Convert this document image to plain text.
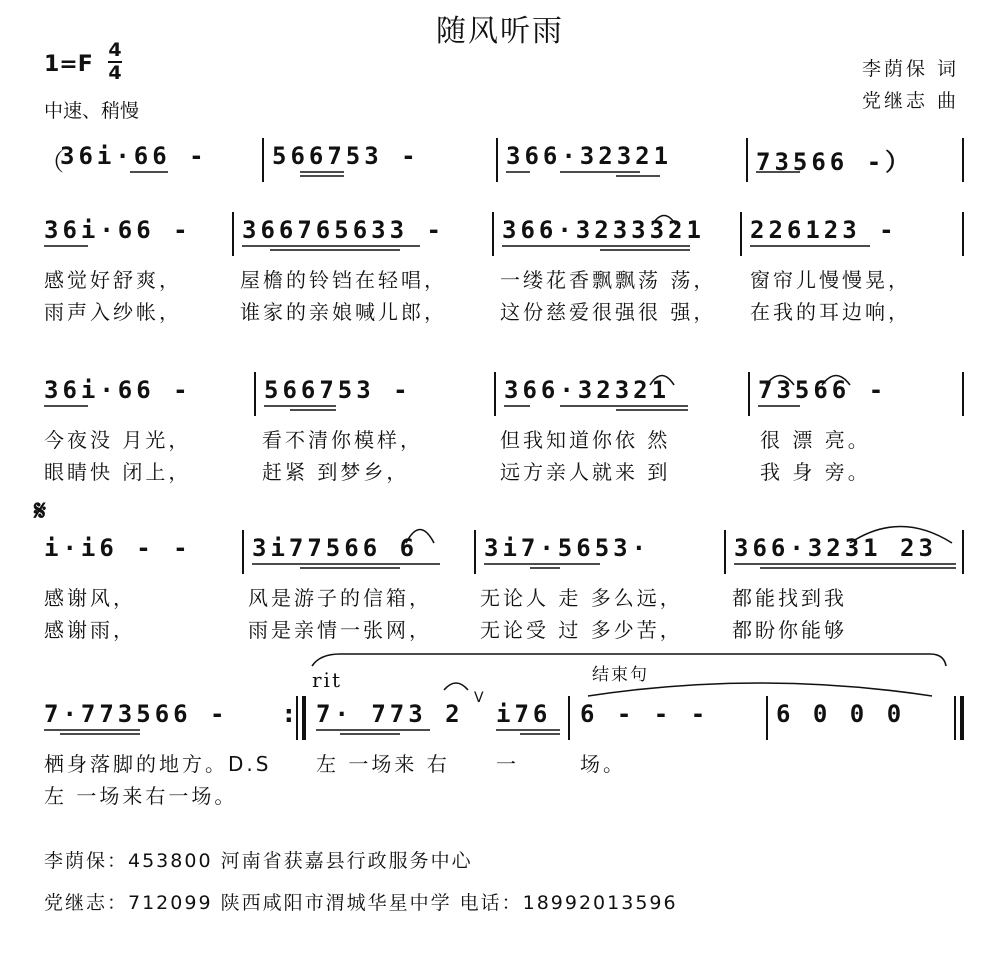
随风听雨
1=F
4
4
中速、稍慢
李荫保 词
党继志 曲
（
36i·66 -	566753 -	366·32321	73566 -）
36i·66 - 366765633 - 366·3233321 226123 -
感觉好舒爽，	屋檐的铃铛在轻唱，	一缕花香飘飘荡 荡， 窗帘儿慢慢晃，
雨声入纱帐，	谁家的亲娘喊儿郎，	这份慈爱很强很 强， 在我的耳边响，
36i·66 -	566753 -	366·32321	73566 -
今夜没 月光，	看不清你模样，	但我知道你依 然	很 漂 亮。
眼睛快 闭上，	赶紧 到梦乡，	远方亲人就来 到	我 身 旁。
𝄋
i·i6 - -	3i77566 6	3i7·5653·	366·3231 23
感谢风，	风是游子的信箱， 无论人 走 多么远， 都能找到我
感谢雨，	雨是亲情一张网， 无论受 过 多少苦， 都盼你能够
rit	结束句
7·773566 - : 7· 773 2
V
i76 6 - - -	6 0 0 0
栖身落脚的地方。D.S 左 一场来 右 一	场。
左 一场来右一场。
李荫保：453800 河南省获嘉县行政服务中心
党继志：712099 陕西咸阳市渭城华星中学 电话：18992013596
